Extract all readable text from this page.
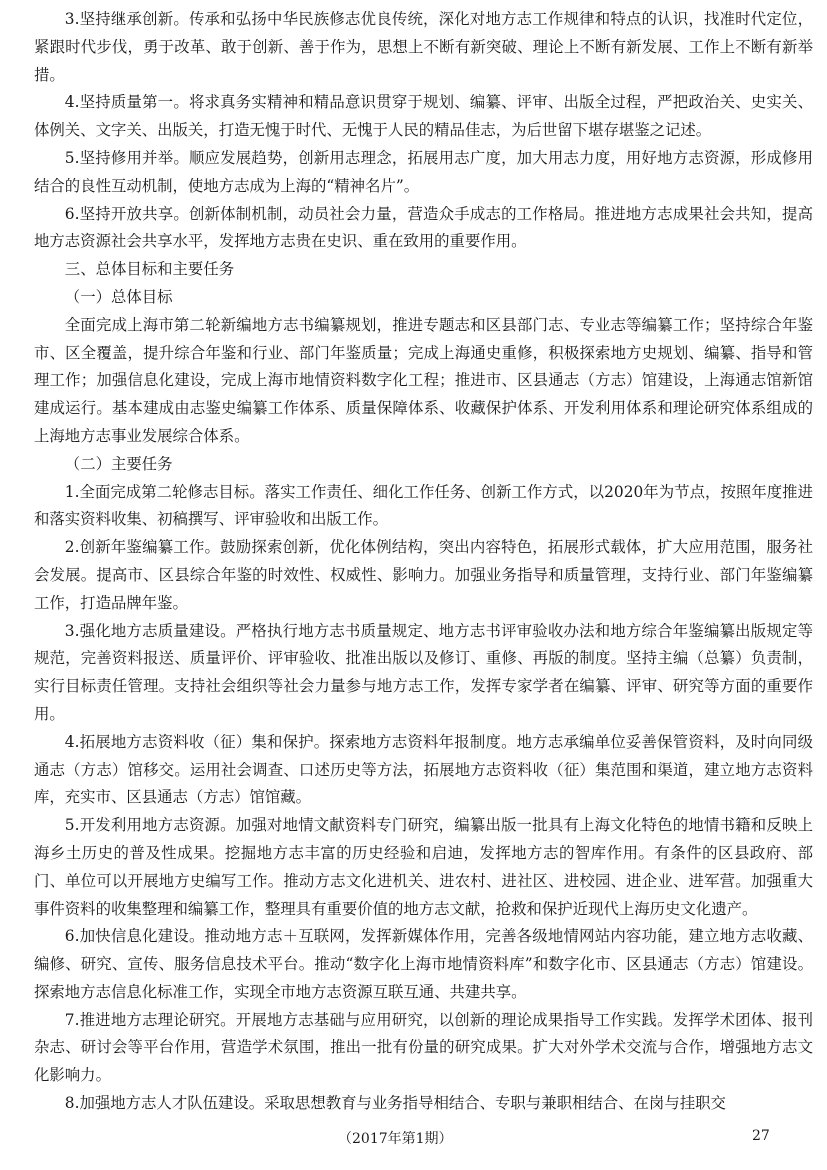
3.坚持继承创新。传承和弘扬中华民族修志优良传统，深化对地方志工作规律和特点的认识，找准时代定位，紧跟时代步伐，勇于改革、敢于创新、善于作为，思想上不断有新突破、理论上不断有新发展、工作上不断有新举措。

4.坚持质量第一。将求真务实精神和精品意识贯穿于规划、编纂、评审、出版全过程，严把政治关、史实关、体例关、文字关、出版关，打造无愧于时代、无愧于人民的精品佳志，为后世留下堪存堪鉴之记述。

5.坚持修用并举。顺应发展趋势，创新用志理念，拓展用志广度，加大用志力度，用好地方志资源，形成修用结合的良性互动机制，使地方志成为上海的“精神名片”。

6.坚持开放共享。创新体制机制，动员社会力量，营造众手成志的工作格局。推进地方志成果社会共知，提高地方志资源社会共享水平，发挥地方志贵在史识、重在致用的重要作用。

三、总体目标和主要任务
（一）总体目标

全面完成上海市第二轮新编地方志书编纂规划，推进专题志和区县部门志、专业志等编纂工作；坚持综合年鉴市、区全覆盖，提升综合年鉴和行业、部门年鉴质量；完成上海通史重修，积极探索地方史规划、编纂、指导和管理工作；加强信息化建设，完成上海市地情资料数字化工程；推进市、区县通志（方志）馆建设，上海通志馆新馆建成运行。基本建成由志鉴史编纂工作体系、质量保障体系、收藏保护体系、开发利用体系和理论研究体系组成的上海地方志事业发展综合体系。

（二）主要任务

1.全面完成第二轮修志目标。落实工作责任、细化工作任务、创新工作方式，以2020年为节点，按照年度推进和落实资料收集、初稿撰写、评审验收和出版工作。

2.创新年鉴编纂工作。鼓励探索创新，优化体例结构，突出内容特色，拓展形式载体，扩大应用范围，服务社会发展。提高市、区县综合年鉴的时效性、权威性、影响力。加强业务指导和质量管理，支持行业、部门年鉴编纂工作，打造品牌年鉴。

3.强化地方志质量建设。严格执行地方志书质量规定、地方志书评审验收办法和地方综合年鉴编纂出版规定等规范，完善资料报送、质量评价、评审验收、批准出版以及修订、重修、再版的制度。坚持主编（总纂）负责制，实行目标责任管理。支持社会组织等社会力量参与地方志工作，发挥专家学者在编纂、评审、研究等方面的重要作用。

4.拓展地方志资料收（征）集和保护。探索地方志资料年报制度。地方志承编单位妥善保管资料，及时向同级通志（方志）馆移交。运用社会调查、口述历史等方法，拓展地方志资料收（征）集范围和渠道，建立地方志资料库，充实市、区县通志（方志）馆馆藏。

5.开发利用地方志资源。加强对地情文献资料专门研究，编纂出版一批具有上海文化特色的地情书籍和反映上海乡土历史的普及性成果。挖掘地方志丰富的历史经验和启迪，发挥地方志的智库作用。有条件的区县政府、部门、单位可以开展地方史编写工作。推动方志文化进机关、进农村、进社区、进校园、进企业、进军营。加强重大事件资料的收集整理和编纂工作，整理具有重要价值的地方志文献，抢救和保护近现代上海历史文化遗产。

6.加快信息化建设。推动地方志＋互联网，发挥新媒体作用，完善各级地情网站内容功能，建立地方志收藏、编修、研究、宣传、服务信息技术平台。推动“数字化上海市地情资料库”和数字化市、区县通志（方志）馆建设。探索地方志信息化标准工作，实现全市地方志资源互联互通、共建共享。

7.推进地方志理论研究。开展地方志基础与应用研究，以创新的理论成果指导工作实践。发挥学术团体、报刊杂志、研讨会等平台作用，营造学术氛围，推出一批有份量的研究成果。扩大对外学术交流与合作，增强地方志文化影响力。

8.加强地方志人才队伍建设。采取思想教育与业务指导相结合、专职与兼职相结合、在岗与挂职交

（2017年第1期）	27
